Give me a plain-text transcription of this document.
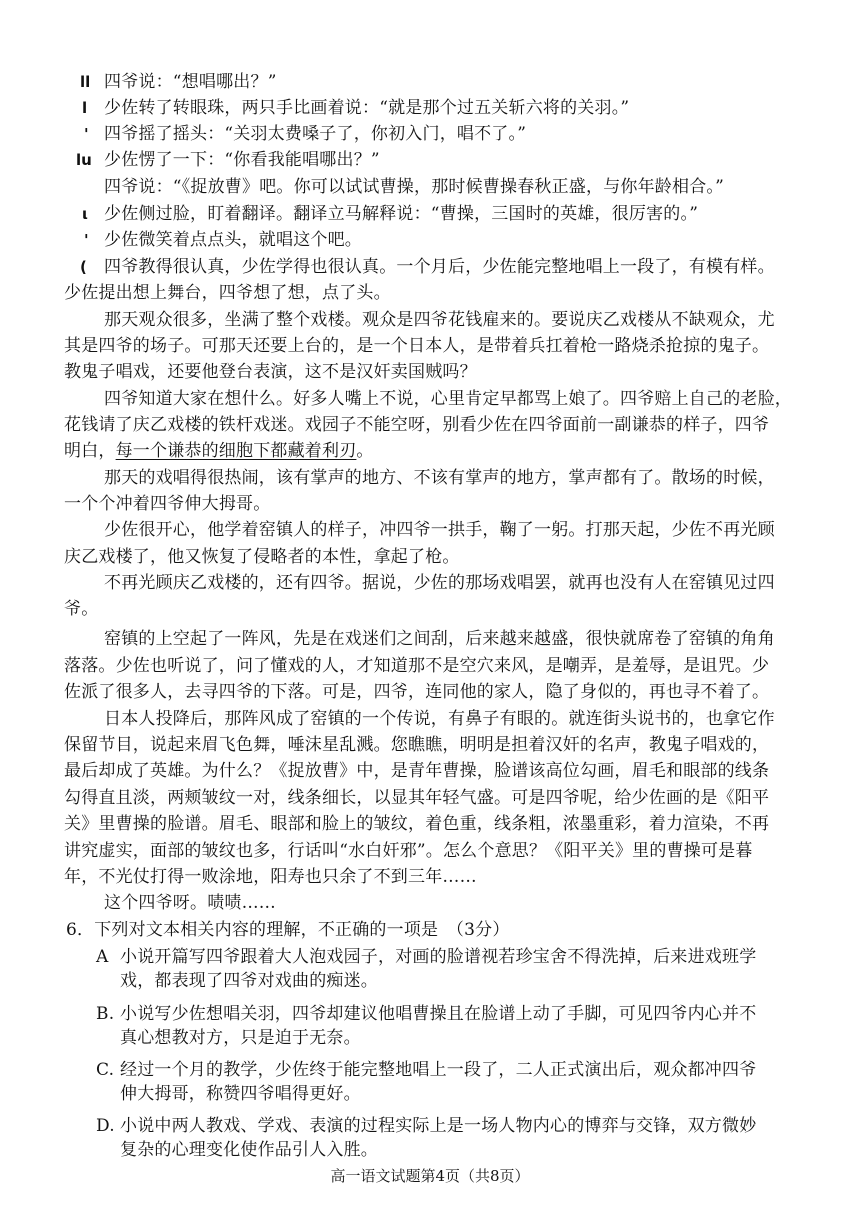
ll
l
'
lu
ι
'
(
四爷说：“想唱哪出？”
少佐转了转眼珠，两只手比画着说：“就是那个过五关斩六将的关羽。”
四爷摇了摇头：“关羽太费嗓子了，你初入门，唱不了。”
少佐愣了一下：“你看我能唱哪出？”
四爷说：“《捉放曹》吧。你可以试试曹操，那时候曹操春秋正盛，与你年龄相合。”
少佐侧过脸，盯着翻译。翻译立马解释说：“曹操，三国时的英雄，很厉害的。”
少佐微笑着点点头，就唱这个吧。
四爷教得很认真，少佐学得也很认真。一个月后，少佐能完整地唱上一段了，有模有样。
少佐提出想上舞台，四爷想了想，点了头。
那天观众很多，坐满了整个戏楼。观众是四爷花钱雇来的。要说庆乙戏楼从不缺观众，尤
其是四爷的场子。可那天还要上台的，是一个日本人，是带着兵扛着枪一路烧杀抢掠的鬼子。
教鬼子唱戏，还要他登台表演，这不是汉奸卖国贼吗？
四爷知道大家在想什么。好多人嘴上不说，心里肯定早都骂上娘了。四爷赔上自己的老脸，
花钱请了庆乙戏楼的铁杆戏迷。戏园子不能空呀，别看少佐在四爷面前一副谦恭的样子，四爷
明白，每一个谦恭的细胞下都藏着利刃。
那天的戏唱得很热闹，该有掌声的地方、不该有掌声的地方，掌声都有了。散场的时候，
一个个冲着四爷伸大拇哥。
少佐很开心，他学着窑镇人的样子，冲四爷一拱手，鞠了一躬。打那天起，少佐不再光顾
庆乙戏楼了，他又恢复了侵略者的本性，拿起了枪。
不再光顾庆乙戏楼的，还有四爷。据说，少佐的那场戏唱罢，就再也没有人在窑镇见过四
爷。
窑镇的上空起了一阵风，先是在戏迷们之间刮，后来越来越盛，很快就席卷了窑镇的角角
落落。少佐也听说了，问了懂戏的人，才知道那不是空穴来风，是嘲弄，是羞辱，是诅咒。少
佐派了很多人，去寻四爷的下落。可是，四爷，连同他的家人，隐了身似的，再也寻不着了。
日本人投降后，那阵风成了窑镇的一个传说，有鼻子有眼的。就连街头说书的，也拿它作
保留节目，说起来眉飞色舞，唾沫星乱溅。您瞧瞧，明明是担着汉奸的名声，教鬼子唱戏的，
最后却成了英雄。为什么？《捉放曹》中，是青年曹操，脸谱该高位勾画，眉毛和眼部的线条
勾得直且淡，两颊皱纹一对，线条细长，以显其年轻气盛。可是四爷呢，给少佐画的是《阳平
关》里曹操的脸谱。眉毛、眼部和脸上的皱纹，着色重，线条粗，浓墨重彩，着力渲染，不再
讲究虚实，面部的皱纹也多，行话叫“水白奸邪”。怎么个意思？《阳平关》里的曹操可是暮
年，不光仗打得一败涂地，阳寿也只余了不到三年……
这个四爷呀。啧啧……
6．下列对文本相关内容的理解，不正确的一项是　（3分）
A 小说开篇写四爷跟着大人泡戏园子，对画的脸谱视若珍宝舍不得洗掉，后来进戏班学
戏，都表现了四爷对戏曲的痴迷。
B. 小说写少佐想唱关羽，四爷却建议他唱曹操且在脸谱上动了手脚，可见四爷内心并不
真心想教对方，只是迫于无奈。
C. 经过一个月的教学，少佐终于能完整地唱上一段了，二人正式演出后，观众都冲四爷
伸大拇哥，称赞四爷唱得更好。
D. 小说中两人教戏、学戏、表演的过程实际上是一场人物内心的博弈与交锋，双方微妙
高一语文试题第4页（共8页）
复杂的心理变化使作品引人入胜。
